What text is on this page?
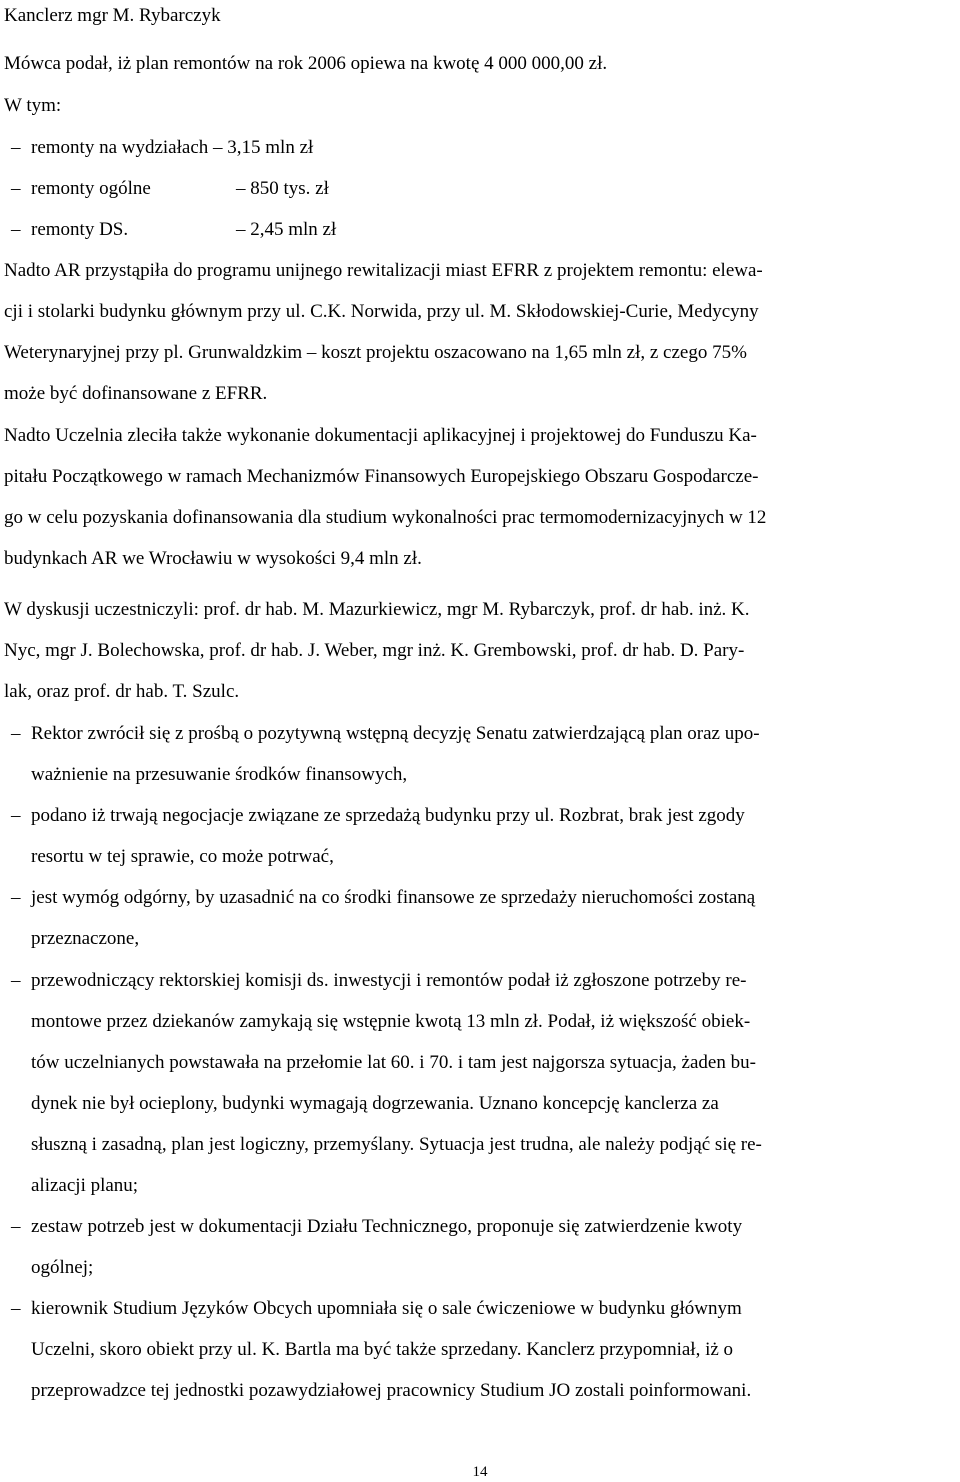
Kanclerz mgr M. Rybarczyk
Mówca podał, iż plan remontów na rok 2006 opiewa na kwotę 4 000 000,00 zł.
W tym:
– remonty na wydziałach – 3,15 mln zł
– remonty ogólne	– 850 tys. zł
– remonty DS.	– 2,45 mln zł
Nadto AR przystąpiła do programu unijnego rewitalizacji miast EFRR z projektem remontu: elewa-
cji i stolarki budynku głównym przy ul. C.K. Norwida, przy ul. M. Skłodowskiej-Curie, Medycyny
Weterynaryjnej przy pl. Grunwaldzkim – koszt projektu oszacowano na 1,65 mln zł, z czego 75%
może być dofinansowane z EFRR.
Nadto Uczelnia zleciła także wykonanie dokumentacji aplikacyjnej i projektowej do Funduszu Ka-
pitału Początkowego w ramach Mechanizmów Finansowych Europejskiego Obszaru Gospodarcze-
go w celu pozyskania dofinansowania dla studium wykonalności prac termomodernizacyjnych w 12
budynkach AR we Wrocławiu w wysokości 9,4 mln zł.
W dyskusji uczestniczyli: prof. dr hab. M. Mazurkiewicz, mgr M. Rybarczyk, prof. dr hab. inż. K.
Nyc, mgr J. Bolechowska, prof. dr hab. J. Weber, mgr inż. K. Grembowski, prof. dr hab. D. Pary-
lak, oraz prof. dr hab. T. Szulc.
– Rektor zwrócił się z prośbą o pozytywną wstępną decyzję Senatu zatwierdzającą plan oraz upo-
ważnienie na przesuwanie środków finansowych,
– podano iż trwają negocjacje związane ze sprzedażą budynku przy ul. Rozbrat, brak jest zgody
resortu w tej sprawie, co może potrwać,
– jest wymóg odgórny, by uzasadnić na co środki finansowe ze sprzedaży nieruchomości zostaną
przeznaczone,
– przewodniczący rektorskiej komisji ds. inwestycji i remontów podał iż zgłoszone potrzeby re-
montowe przez dziekanów zamykają się wstępnie kwotą 13 mln zł. Podał, iż większość obiek-
tów uczelnianych powstawała na przełomie lat 60. i 70. i tam jest najgorsza sytuacja, żaden bu-
dynek nie był ocieplony, budynki wymagają dogrzewania. Uznano koncepcję kanclerza za
słuszną i zasadną, plan jest logiczny, przemyślany. Sytuacja jest trudna, ale należy podjąć się re-
alizacji planu;
– zestaw potrzeb jest w dokumentacji Działu Technicznego, proponuje się zatwierdzenie kwoty
ogólnej;
– kierownik Studium Języków Obcych upomniała się o sale ćwiczeniowe w budynku głównym
Uczelni, skoro obiekt przy ul. K. Bartla ma być także sprzedany. Kanclerz przypomniał, iż o
przeprowadzce tej jednostki pozawydziałowej pracownicy Studium JO zostali poinformowani.
14
